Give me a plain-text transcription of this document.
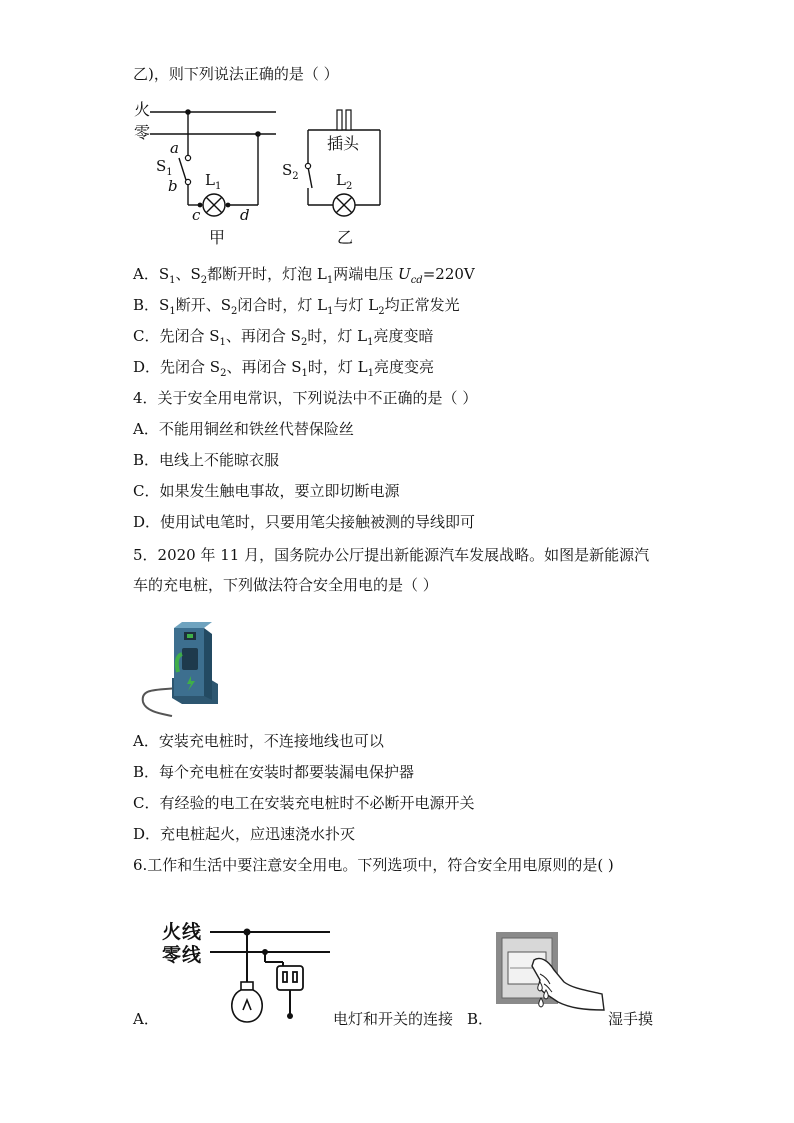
乙)，则下列说法正确的是（ ）
火
零
a
$S_1$
b $L_1$
c	d
甲
插头
$S_2$ $L_2$
乙
A．$S_1$、$S_2$都断开时，灯泡 $L_1$两端电压 $U_{cd}=220V$
B．$S_1$断开、$S_2$闭合时，灯 $L_1$与灯 $L_2$均正常发光
C．先闭合 $S_1$、再闭合 $S_2$时，灯 $L_1$亮度变暗
D．先闭合 $S_2$、再闭合 $S_1$时，灯 $L_1$亮度变亮
4．关于安全用电常识，下列说法中不正确的是（ ）
A．不能用铜丝和铁丝代替保险丝
B．电线上不能晾衣服
C．如果发生触电事故，要立即切断电源
D．使用试电笔时，只要用笔尖接触被测的导线即可
5．2020 年 11 月，国务院办公厅提出新能源汽车发展战略。如图是新能源汽
车的充电桩，下列做法符合安全用电的是（ ）
A．安装充电桩时，不连接地线也可以
B．每个充电桩在安装时都要装漏电保护器
C．有经验的电工在安装充电桩时不必断开电源开关
D．充电桩起火，应迅速浇水扑灭
6.工作和生活中要注意安全用电。下列选项中，符合安全用电原则的是( )
火线
零线
A．	电灯和开关的连接 B．	湿手摸
